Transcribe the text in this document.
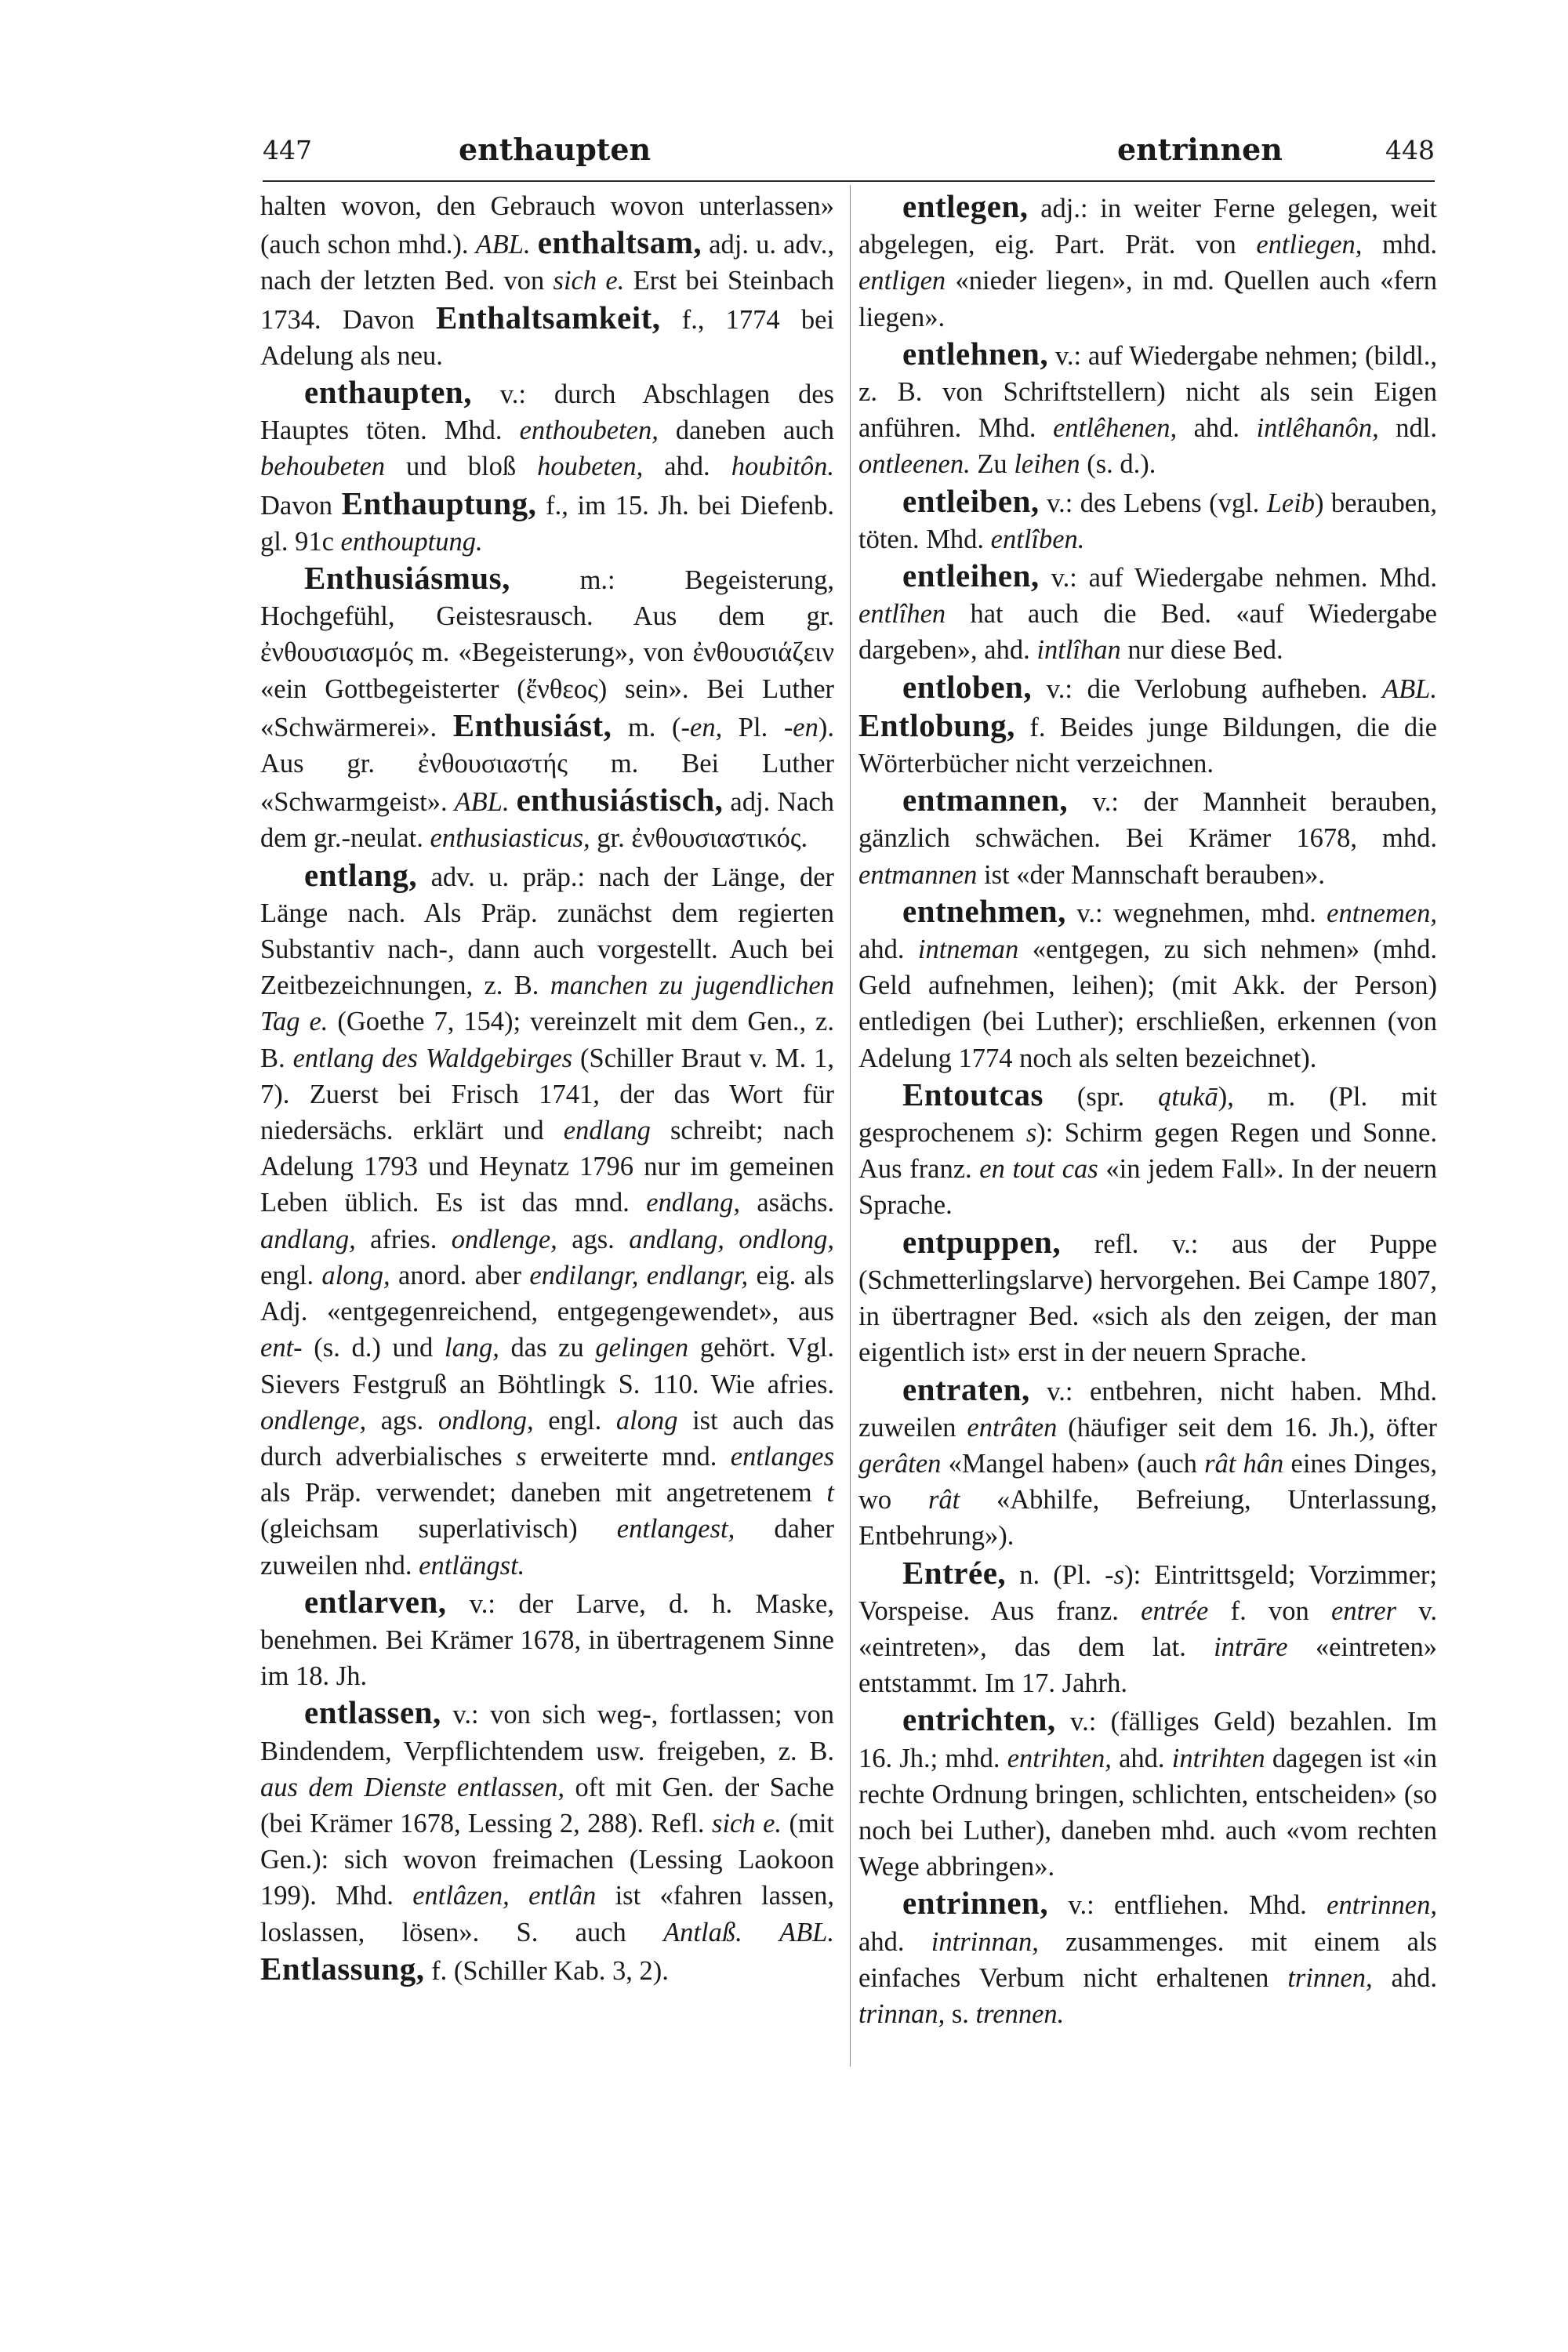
447	enthaupten	entrinnen	448

halten wovon, den Gebrauch wovon unterlassen» (auch schon mhd.). ABL. enthaltsam, adj. u. adv., nach der letzten Bed. von sich e. Erst bei Steinbach 1734. Davon Enthaltsamkeit, f., 1774 bei Adelung als neu.

enthaupten, v.: durch Abschlagen des Hauptes töten. Mhd. enthoubeten, daneben auch behoubeten und bloß houbeten, ahd. houbitôn. Davon Enthauptung, f., im 15. Jh. bei Diefenb. gl. 91c enthouptung.

Enthusiásmus, m.: Begeisterung, Hochgefühl, Geistesrausch. Aus dem gr. ἐνθουσιασμός m. «Begeisterung», von ἐνθουσιάζειν «ein Gottbegeisterter (ἔνθεος) sein». Bei Luther «Schwärmerei». Enthusiást, m. (-en, Pl. -en). Aus gr. ἐνθουσιαστής m. Bei Luther «Schwarmgeist». ABL. enthusiástisch, adj. Nach dem gr.-neulat. enthusiasticus, gr. ἐνθουσιαστικός.

entlang, adv. u. präp.: nach der Länge, der Länge nach. Als Präp. zunächst dem regierten Substantiv nach-, dann auch vorgestellt. Auch bei Zeitbezeichnungen, z. B. manchen zu jugendlichen Tag e. (Goethe 7, 154); vereinzelt mit dem Gen., z. B. entlang des Waldgebirges (Schiller Braut v. M. 1, 7). Zuerst bei Frisch 1741, der das Wort für niedersächs. erklärt und endlang schreibt; nach Adelung 1793 und Heynatz 1796 nur im gemeinen Leben üblich. Es ist das mnd. endlang, asächs. andlang, afries. ondlenge, ags. andlang, ondlong, engl. along, anord. aber endilangr, endlangr, eig. als Adj. «entgegenreichend, entgegengewendet», aus ent- (s. d.) und lang, das zu gelingen gehört. Vgl. Sievers Festgruß an Böhtlingk S. 110. Wie afries. ondlenge, ags. ondlong, engl. along ist auch das durch adverbialisches s erweiterte mnd. entlanges als Präp. verwendet; daneben mit angetretenem t (gleichsam superlativisch) entlangest, daher zuweilen nhd. entlängst.

entlarven, v.: der Larve, d. h. Maske, benehmen. Bei Krämer 1678, in übertragenem Sinne im 18. Jh.

entlassen, v.: von sich weg-, fortlassen; von Bindendem, Verpflichtendem usw. freigeben, z. B. aus dem Dienste entlassen, oft mit Gen. der Sache (bei Krämer 1678, Lessing 2, 288). Refl. sich e. (mit Gen.): sich wovon freimachen (Lessing Laokoon 199). Mhd. entlâzen, entlân ist «fahren lassen, loslassen, lösen». S. auch Antlaß. ABL. Entlassung, f. (Schiller Kab. 3, 2).

entlegen, adj.: in weiter Ferne gelegen, weit abgelegen, eig. Part. Prät. von entliegen, mhd. entligen «nieder liegen», in md. Quellen auch «fern liegen».

entlehnen, v.: auf Wiedergabe nehmen; (bildl., z. B. von Schriftstellern) nicht als sein Eigen anführen. Mhd. entlêhenen, ahd. intlêhanôn, ndl. ontleenen. Zu leihen (s. d.).

entleiben, v.: des Lebens (vgl. Leib) berauben, töten. Mhd. entlîben.

entleihen, v.: auf Wiedergabe nehmen. Mhd. entlîhen hat auch die Bed. «auf Wiedergabe dargeben», ahd. intlîhan nur diese Bed.

entloben, v.: die Verlobung aufheben. ABL. Entlobung, f. Beides junge Bildungen, die die Wörterbücher nicht verzeichnen.

entmannen, v.: der Mannheit berauben, gänzlich schwächen. Bei Krämer 1678, mhd. entmannen ist «der Mannschaft berauben».

entnehmen, v.: wegnehmen, mhd. entnemen, ahd. intneman «entgegen, zu sich nehmen» (mhd. Geld aufnehmen, leihen); (mit Akk. der Person) entledigen (bei Luther); erschließen, erkennen (von Adelung 1774 noch als selten bezeichnet).

Entoutcas (spr. ątukā), m. (Pl. mit gesprochenem s): Schirm gegen Regen und Sonne. Aus franz. en tout cas «in jedem Fall». In der neuern Sprache.

entpuppen, refl. v.: aus der Puppe (Schmetterlingslarve) hervorgehen. Bei Campe 1807, in übertragner Bed. «sich als den zeigen, der man eigentlich ist» erst in der neuern Sprache.

entraten, v.: entbehren, nicht haben. Mhd. zuweilen entrâten (häufiger seit dem 16. Jh.), öfter gerâten «Mangel haben» (auch rât hân eines Dinges, wo rât «Abhilfe, Befreiung, Unterlassung, Entbehrung»).

Entrée, n. (Pl. -s): Eintrittsgeld; Vorzimmer; Vorspeise. Aus franz. entrée f. von entrer v. «eintreten», das dem lat. intrāre «eintreten» entstammt. Im 17. Jahrh.

entrichten, v.: (fälliges Geld) bezahlen. Im 16. Jh.; mhd. entrihten, ahd. intrihten dagegen ist «in rechte Ordnung bringen, schlichten, entscheiden» (so noch bei Luther), daneben mhd. auch «vom rechten Wege abbringen».

entrinnen, v.: entfliehen. Mhd. entrinnen, ahd. intrinnan, zusammenges. mit einem als einfaches Verbum nicht erhaltenen trinnen, ahd. trinnan, s. trennen.
